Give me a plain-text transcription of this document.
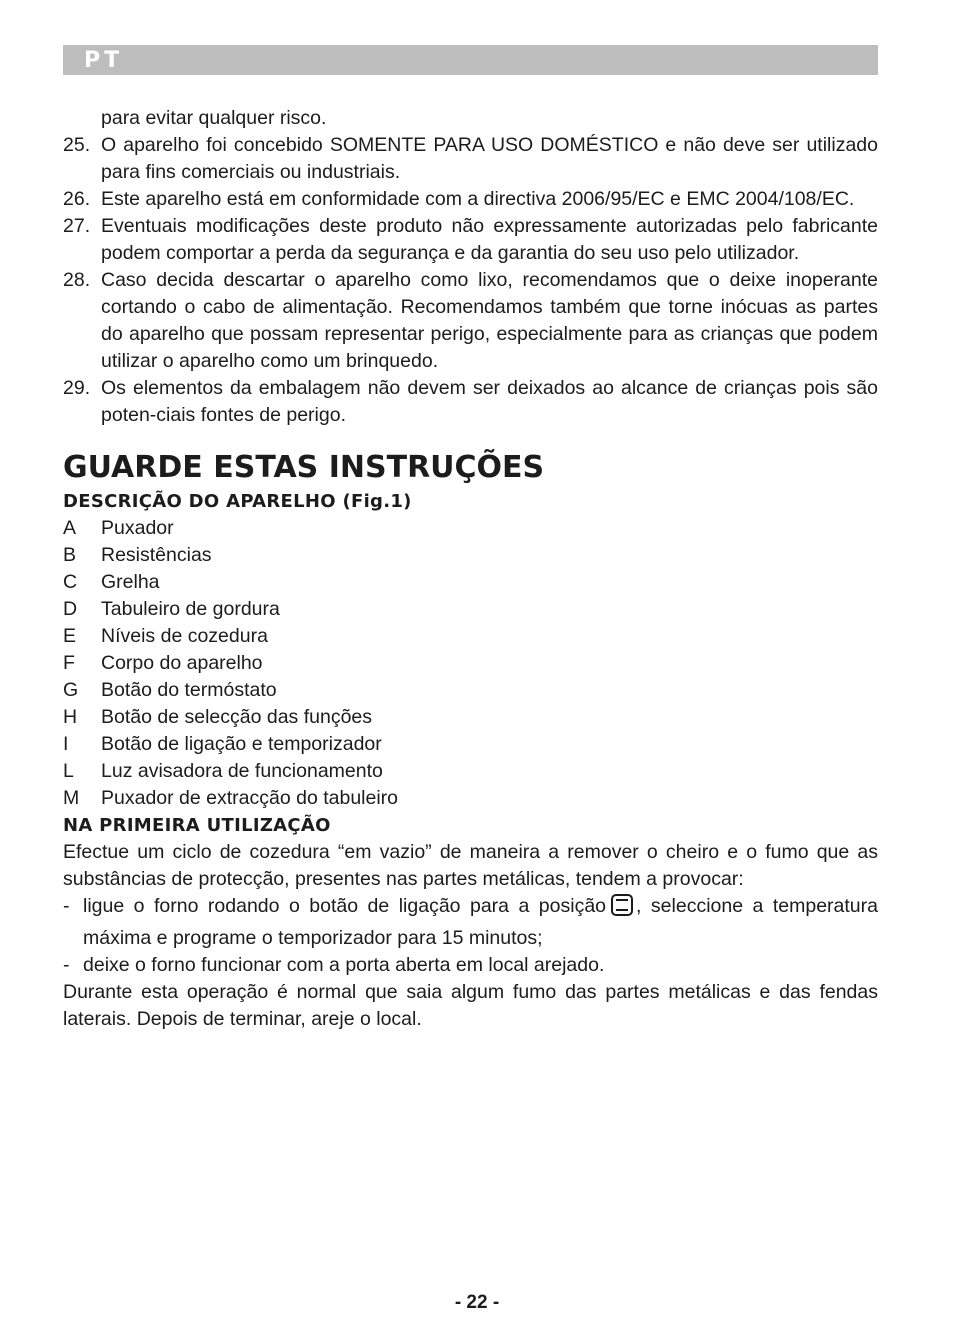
PT
para evitar qualquer risco.
25. O aparelho foi concebido SOMENTE PARA USO DOMÉSTICO e não deve ser utilizado para fins comerciais ou industriais.
26. Este aparelho está em conformidade com a directiva 2006/95/EC e EMC 2004/108/EC.
27. Eventuais modificações deste produto não expressamente autorizadas pelo fabricante podem comportar a perda da segurança e da garantia do seu uso pelo utilizador.
28. Caso decida descartar o aparelho como lixo, recomendamos que o deixe inoperante cortando o cabo de alimentação. Recomendamos também que torne inócuas as partes do aparelho que possam representar perigo, especialmente para as crianças que podem utilizar o aparelho como um brinquedo.
29. Os elementos da embalagem não devem ser deixados ao alcance de crianças pois são poten-ciais fontes de perigo.
GUARDE ESTAS INSTRUÇÕES
DESCRIÇÃO DO APARELHO (Fig.1)
A	Puxador
B	Resistências
C	Grelha
D	Tabuleiro de gordura
E	Níveis de cozedura
F	Corpo do aparelho
G	Botão do termóstato
H	Botão de selecção das funções
I	Botão de ligação e temporizador
L	Luz avisadora de funcionamento
M	Puxador de extracção do tabuleiro
NA PRIMEIRA UTILIZAÇÃO
Efectue um ciclo de cozedura “em vazio” de maneira a remover o cheiro e o fumo que as substâncias de protecção, presentes nas partes metálicas, tendem a provocar:
- ligue o forno rodando o botão de ligação para a posição , seleccione a temperatura máxima e programe o temporizador para 15 minutos;
- deixe o forno funcionar com a porta aberta em local arejado.
Durante esta operação é normal que saia algum fumo das partes metálicas e das fendas laterais. Depois de terminar, areje o local.
- 22 -
